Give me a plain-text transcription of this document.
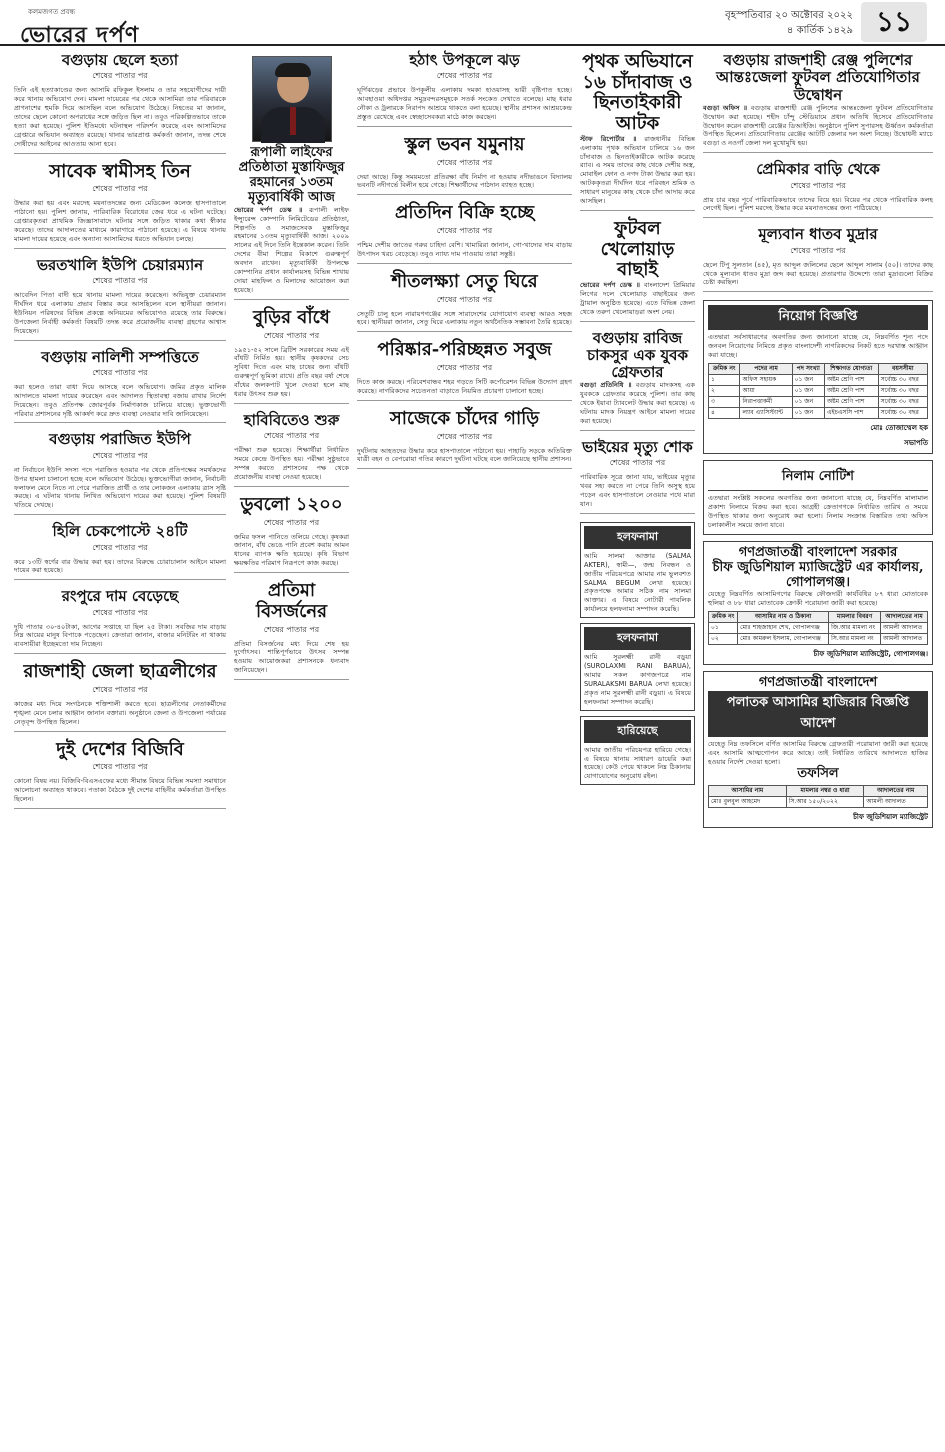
কলমজগত প্রবন্ধ
ভোরের দর্পণ
বৃহস্পতিবার ২০ অক্টোবর ২০২২
৪ কার্তিক ১৪২৯ ১১
বগুড়ায় ছেলে হত্যা
শেষের পাতার পর
তিনি এই হত্যাকাণ্ডের জন্য আসামি রফিকুল ইসলাম ও তার সহযোগীদের দায়ী করে থানায় অভিযোগ দেন। মামলা দায়েরের পর থেকে আসামিরা তার পরিবারকে প্রাণনাশের হুমকি দিয়ে আসছিল বলে অভিযোগ উঠেছে। নিহতের মা জানান, তাদের ছেলে কোনো অপরাধের সঙ্গে জড়িত ছিল না। তবুও পরিকল্পিতভাবে তাকে হত্যা করা হয়েছে। পুলিশ ইতিমধ্যে ঘটনাস্থল পরিদর্শন করেছে এবং আসামিদের গ্রেপ্তারে অভিযান অব্যাহত রয়েছে। থানার ভারপ্রাপ্ত কর্মকর্তা জানান, তদন্ত শেষে দোষীদের আইনের আওতায় আনা হবে।
সাবেক স্বামীসহ তিন
শেষের পাতার পর
উদ্ধার করা হয় এবং মরদেহ ময়নাতদন্তের জন্য মেডিকেল কলেজ হাসপাতালে পাঠানো হয়। পুলিশ জানায়, পারিবারিক বিরোধের জের ধরে এ ঘটনা ঘটেছে। গ্রেপ্তারকৃতরা প্রাথমিক জিজ্ঞাসাবাদে ঘটনার সঙ্গে জড়িত থাকার কথা স্বীকার করেছে। তাদের আদালতের মাধ্যমে কারাগারে পাঠানো হয়েছে। এ বিষয়ে থানায় মামলা দায়ের হয়েছে এবং অন্যান্য আসামিদের ধরতে অভিযান চলছে।
ভরতখালি ইউপি চেয়ারম্যান
শেষের পাতার পর
আবেদিন পিতা বাদী হয়ে থানায় মামলা দায়ের করেছেন। অভিযুক্ত চেয়ারম্যান দীর্ঘদিন ধরে এলাকায় প্রভাব বিস্তার করে আসছিলেন বলে স্থানীয়রা জানান। ইউনিয়ন পরিষদের বিভিন্ন প্রকল্পে অনিয়মের অভিযোগও রয়েছে তার বিরুদ্ধে। উপজেলা নির্বাহী কর্মকর্তা বিষয়টি তদন্ত করে প্রয়োজনীয় ব্যবস্থা গ্রহণের আশ্বাস দিয়েছেন।
বগুড়ায় নালিশী সম্পত্তিতে
শেষের পাতার পর
করা হলেও তারা বাধা দিয়ে আসছে বলে অভিযোগ। জমির প্রকৃত মালিক আদালতে মামলা দায়ের করেছেন এবং আদালত স্থিতাবস্থা বজায় রাখার নির্দেশ দিয়েছেন। তবুও প্রতিপক্ষ জোরপূর্বক নির্মাণকাজ চালিয়ে যাচ্ছে। ভুক্তভোগী পরিবার প্রশাসনের দৃষ্টি আকর্ষণ করে দ্রুত ব্যবস্থা নেওয়ার দাবি জানিয়েছেন।
বগুড়ায় পরাজিত ইউপি
শেষের পাতার পর
না নির্বাচনে ইউপি সদস্য পদে পরাজিত হওয়ার পর থেকে প্রতিপক্ষের সমর্থকদের উপর হামলা চালানো হচ্ছে বলে অভিযোগ উঠেছে। ভুক্তভোগীরা জানান, নির্বাচনী ফলাফল মেনে নিতে না পেরে পরাজিত প্রার্থী ও তার লোকজন এলাকায় ত্রাস সৃষ্টি করছে। এ ঘটনায় থানায় লিখিত অভিযোগ দায়ের করা হয়েছে। পুলিশ বিষয়টি খতিয়ে দেখছে।
হিলি চেকপোস্টে ২৪টি
শেষের পাতার পর
করে ১৩টি স্বর্ণের বার উদ্ধার করা হয়। তাদের বিরুদ্ধে চোরাচালান আইনে মামলা দায়ের করা হয়েছে।
রংপুরে দাম বেড়েছে
শেষের পাতার পর
দুধি পাতার ৩০-৪০টাকা, আগের সপ্তাহে যা ছিল ২৫ টাকা। সবজির দাম বাড়ায় নিম্ন আয়ের মানুষ বিপাকে পড়েছেন। ক্রেতারা জানান, বাজার মনিটরিং না থাকায় ব্যবসায়ীরা ইচ্ছেমতো দাম নিচ্ছেন।
রাজশাহী জেলা ছাত্রলীগের
শেষের পাতার পর
কাজের মধ্য দিয়ে সংগঠনকে শক্তিশালী করতে হবে। ছাত্রলীগের নেতাকর্মীদের শৃঙ্খলা মেনে চলার আহ্বান জানান বক্তারা। অনুষ্ঠানে জেলা ও উপজেলা পর্যায়ের নেতৃবৃন্দ উপস্থিত ছিলেন।
দুই দেশের বিজিবি
শেষের পাতার পর
কোনো বিষয় নয়। বিজিবি-বিএসএফের মধ্যে সীমান্ত বিষয়ে বিভিন্ন সমস্যা সমাধানে আলোচনা অব্যাহত থাকবে। পতাকা বৈঠকে দুই দেশের বাহিনীর কর্মকর্তারা উপস্থিত ছিলেন।
রূপালী লাইফের প্রতিষ্ঠাতা মুস্তাফিজুর রহমানের ১৩তম মৃত্যুবার্ষিকী আজ
ভোরের দর্পণ ডেস্ক ॥ রূপালী লাইফ ইন্স্যুরেন্স কোম্পানি লিমিটেডের প্রতিষ্ঠাতা, শিল্পপতি ও সমাজসেবক মুস্তাফিজুর রহমানের ১৩তম মৃত্যুবার্ষিকী আজ। ২০০৯ সালের এই দিনে তিনি ইন্তেকাল করেন। তিনি দেশের বীমা শিল্পের বিকাশে গুরুত্বপূর্ণ অবদান রাখেন। মৃত্যুবার্ষিকী উপলক্ষে কোম্পানির প্রধান কার্যালয়সহ বিভিন্ন শাখায় দোয়া মাহফিল ও মিলাদের আয়োজন করা হয়েছে।
বুড়ির বাঁধে
শেষের পাতার পর
১৯৫১-৫২ সালে ব্রিটিশ সরকারের সময় এই বাঁধটি নির্মিত হয়। স্থানীয় কৃষকদের সেচ সুবিধা দিতে এবং মাছ চাষের জন্য বাঁধটি গুরুত্বপূর্ণ ভূমিকা রাখে। প্রতি বছর বর্ষা শেষে বাঁধের জলকপাট খুলে দেওয়া হলে মাছ ধরার উৎসব শুরু হয়।
হাবিবিতেও শুরু
শেষের পাতার পর
পরীক্ষা শুরু হয়েছে। শিক্ষার্থীরা নির্ধারিত সময়ে কেন্দ্রে উপস্থিত হয়। পরীক্ষা সুষ্ঠুভাবে সম্পন্ন করতে প্রশাসনের পক্ষ থেকে প্রয়োজনীয় ব্যবস্থা নেওয়া হয়েছে।
ডুবলো ১২০০
শেষের পাতার পর
জমির ফসল পানিতে তলিয়ে গেছে। কৃষকরা জানান, বাঁধ ভেঙে পানি প্রবেশ করায় আমন ধানের ব্যাপক ক্ষতি হয়েছে। কৃষি বিভাগ ক্ষয়ক্ষতির পরিমাণ নিরূপণে কাজ করছে।
প্রতিমা বিসর্জনের
শেষের পাতার পর
প্রতিমা বিসর্জনের মধ্য দিয়ে শেষ হয় দুর্গোৎসব। শান্তিপূর্ণভাবে উৎসব সম্পন্ন হওয়ায় আয়োজকরা প্রশাসনকে ধন্যবাদ জানিয়েছেন।
হঠাৎ উপকূলে ঝড়
শেষের পাতার পর
ঘূর্ণিঝড়ের প্রভাবে উপকূলীয় এলাকায় দমকা হাওয়াসহ ভারী বৃষ্টিপাত হচ্ছে। আবহাওয়া অধিদপ্তর সমুদ্রবন্দরসমূহকে সতর্ক সংকেত দেখাতে বলেছে। মাছ ধরার নৌকা ও ট্রলারকে নিরাপদ আশ্রয়ে থাকতে বলা হয়েছে। স্থানীয় প্রশাসন আশ্রয়কেন্দ্র প্রস্তুত রেখেছে এবং স্বেচ্ছাসেবকরা মাঠে কাজ করছেন।
স্কুল ভবন যমুনায়
শেষের পাতার পর
দেয়া আছে। কিন্তু সময়মতো প্রতিরক্ষা বাঁধ নির্মাণ না হওয়ায় নদীভাঙনে বিদ্যালয় ভবনটি নদীগর্ভে বিলীন হয়ে গেছে। শিক্ষার্থীদের পাঠদান ব্যাহত হচ্ছে।
প্রতিদিন বিক্রি হচ্ছে
শেষের পাতার পর
পশ্চিম দেশীয় জাতের গরুর চাহিদা বেশি। খামারিরা জানান, গো-খাদ্যের দাম বাড়ায় উৎপাদন খরচ বেড়েছে। তবুও ন্যায্য দাম পাওয়ায় তারা সন্তুষ্ট।
শীতলক্ষ্যা সেতু ঘিরে
শেষের পাতার পর
সেতুটি চালু হলে নারায়ণগঞ্জের সঙ্গে সারাদেশের যোগাযোগ ব্যবস্থা আরও সহজ হবে। স্থানীয়রা জানান, সেতু ঘিরে এলাকায় নতুন অর্থনৈতিক সম্ভাবনা তৈরি হয়েছে।
পরিষ্কার-পরিচ্ছন্নত সবুজ
শেষের পাতার পর
দিতে কাজ করছে। পরিবেশবান্ধব শহর গড়তে সিটি কর্পোরেশন বিভিন্ন উদ্যোগ গ্রহণ করেছে। নাগরিকদের সচেতনতা বাড়াতে নিয়মিত প্রচারণা চালানো হচ্ছে।
সাজেকে চাঁদের গাড়ি
শেষের পাতার পর
দুর্ঘটনায় আহতদের উদ্ধার করে হাসপাতালে পাঠানো হয়। পাহাড়ি সড়কে অতিরিক্ত যাত্রী বহন ও বেপরোয়া গতির কারণে দুর্ঘটনা ঘটছে বলে জানিয়েছে স্থানীয় প্রশাসন।
পৃথক অভিযানে ১৬ চাঁদাবাজ ও ছিনতাইকারী আটক
স্টাফ রিপোর্টার ॥ রাজধানীর বিভিন্ন এলাকায় পৃথক অভিযান চালিয়ে ১৬ জন চাঁদাবাজ ও ছিনতাইকারীকে আটক করেছে র‍্যাব। এ সময় তাদের কাছ থেকে দেশীয় অস্ত্র, মোবাইল ফোন ও নগদ টাকা উদ্ধার করা হয়। আটককৃতরা দীর্ঘদিন ধরে পরিবহন শ্রমিক ও সাধারণ মানুষের কাছ থেকে চাঁদা আদায় করে আসছিল।
ফুটবল খেলোয়াড় বাছাই
ভোরের দর্পণ ডেস্ক ॥ বাংলাদেশ প্রিমিয়ার লিগের দলে খেলোয়াড় বাছাইয়ের জন্য ট্রায়াল অনুষ্ঠিত হয়েছে। এতে বিভিন্ন জেলা থেকে তরুণ খেলোয়াড়রা অংশ নেয়।
বগুড়ায় রাবিজ চাকসুর এক যুবক গ্রেফতার
বগুড়া প্রতিনিধি ॥ বগুড়ায় মাদকসহ এক যুবককে গ্রেফতার করেছে পুলিশ। তার কাছ থেকে ইয়াবা ট্যাবলেট উদ্ধার করা হয়েছে। এ ঘটনায় মাদক নিয়ন্ত্রণ আইনে মামলা দায়ের করা হয়েছে।
ভাইয়ের মৃত্যু শোক
শেষের পাতার পর
পারিবারিক সূত্রে জানা যায়, ভাইয়ের মৃত্যুর খবর সহ্য করতে না পেরে তিনি অসুস্থ হয়ে পড়েন এবং হাসপাতালে নেওয়ার পথে মারা যান।
হলফনামা
আমি সালমা আক্তার (SALMA AKTER), স্বামী—, জন্ম নিবন্ধন ও জাতীয় পরিচয়পত্রে আমার নাম ভুলবশত SALMA BEGUM লেখা হয়েছে। প্রকৃতপক্ষে আমার সঠিক নাম সালমা আক্তার। এ বিষয়ে নোটারী পাবলিক কার্যালয়ে হলফনামা সম্পাদন করেছি।
হলফনামা
আমি সুরলক্ষ্মী রানী বড়ুয়া (SUROLAXMI RANI BARUA), আমার সকল কাগজপত্রে নাম SURALAKSMI BARUA লেখা হয়েছে। প্রকৃত নাম সুরলক্ষ্মী রানী বড়ুয়া। এ বিষয়ে হলফনামা সম্পাদন করেছি।
হারিয়েছে
আমার জাতীয় পরিচয়পত্র হারিয়ে গেছে। এ বিষয়ে থানায় সাধারণ ডায়েরি করা হয়েছে। কেউ পেয়ে থাকলে নিম্ন ঠিকানায় যোগাযোগের অনুরোধ রইল।
বগুড়ায় রাজশাহী রেঞ্জ পুলিশের আন্তঃজেলা ফুটবল প্রতিযোগিতার উদ্বোধন
বগুড়া অফিস ॥ বগুড়ায় রাজশাহী রেঞ্জ পুলিশের আন্তঃজেলা ফুটবল প্রতিযোগিতার উদ্বোধন করা হয়েছে। শহীদ চাঁন্দু স্টেডিয়ামে প্রধান অতিথি হিসেবে প্রতিযোগিতার উদ্বোধন করেন রাজশাহী রেঞ্জের ডিআইজি। অনুষ্ঠানে পুলিশ সুপারসহ ঊর্ধ্বতন কর্মকর্তারা উপস্থিত ছিলেন। প্রতিযোগিতায় রেঞ্জের আটটি জেলার দল অংশ নিচ্ছে। উদ্বোধনী ম্যাচে বগুড়া ও নওগাঁ জেলা দল মুখোমুখি হয়।
প্রেমিকার বাড়ি থেকে
শেষের পাতার পর
প্রায় চার বছর পূর্বে পারিবারিকভাবে তাদের বিয়ে হয়। বিয়ের পর থেকে পারিবারিক কলহ লেগেই ছিল। পুলিশ মরদেহ উদ্ধার করে ময়নাতদন্তের জন্য পাঠিয়েছে।
মূল্যবান ধাতব মুদ্রার
শেষের পাতার পর
ছেলে টিপু সুলতান (৪৫), মৃত আব্দুল জলিলের ছেলে আব্দুল সালাম (৫০)। তাদের কাছ থেকে মূল্যবান ধাতব মুদ্রা জব্দ করা হয়েছে। প্রতারণার উদ্দেশ্যে তারা মুদ্রাগুলো বিক্রির চেষ্টা করছিল।
নিয়োগ বিজ্ঞপ্তি
এতদ্বারা সর্বসাধারণের অবগতির জন্য জানানো যাচ্ছে যে, নিম্নবর্ণিত শূন্য পদে জনবল নিয়োগের নিমিত্তে প্রকৃত বাংলাদেশী নাগরিকদের নিকট হতে দরখাস্ত আহ্বান করা যাচ্ছে।
ক্রমিক নং	পদের নাম	পদ সংখ্যা	শিক্ষাগত যোগ্যতা	বয়সসীমা
১	অফিস সহায়ক	০১ জন	অষ্টম শ্রেণি পাশ	সর্বোচ্চ ৩০ বছর
২	আয়া	০১ জন	অষ্টম শ্রেণি পাশ	সর্বোচ্চ ৩০ বছর
৩	নিরাপত্তাকর্মী	০১ জন	অষ্টম শ্রেণি পাশ	সর্বোচ্চ ৩০ বছর
৪	ল্যাব এ্যাসিস্ট্যান্ট	০১ জন	এইচএসসি পাশ	সর্বোচ্চ ৩০ বছর
মোঃ তোজাম্মেল হক
সভাপতি
নিলাম নোটিশ
এতদ্বারা সংশ্লিষ্ট সকলের অবগতির জন্য জানানো যাচ্ছে যে, নিম্নবর্ণিত মালামাল প্রকাশ্য নিলামে বিক্রয় করা হবে। আগ্রহী ক্রেতাগণকে নির্ধারিত তারিখ ও সময়ে উপস্থিত থাকার জন্য অনুরোধ করা হলো। নিলাম সংক্রান্ত বিস্তারিত তথ্য অফিস চলাকালীন সময়ে জানা যাবে।
গণপ্রজাতন্ত্রী বাংলাদেশ সরকার
চীফ জুডিশিয়াল ম্যাজিস্ট্রেট এর কার্যালয়, গোপালগঞ্জ।
যেহেতু নিম্নবর্ণিত আসামিগণের বিরুদ্ধে ফৌজদারী কার্যবিধির ৮৭ ধারা মোতাবেক হুলিয়া ও ৮৮ ধারা মোতাবেক ক্রোকী পরোয়ানা জারী করা হয়েছে।
ক্রমিক নং	আসামির নাম ও ঠিকানা	মামলার বিবরণ	আদালতের নাম
০১	মোঃ শাহজাহান শেখ, গোপালগঞ্জ	জি.আর মামলা নং	আমলী আদালত
০২	মোঃ কামরুল ইসলাম, গোপালগঞ্জ	সি.আর মামলা নং	আমলী আদালত
চীফ জুডিশিয়াল ম্যাজিস্ট্রেট, গোপালগঞ্জ।
গণপ্রজাতন্ত্রী বাংলাদেশ
পলাতক আসামির হাজিরার বিজ্ঞপ্তি আদেশ
যেহেতু নিম্ন তফসিলে বর্ণিত আসামির বিরুদ্ধে গ্রেফতারী পরোয়ানা জারী করা হয়েছে এবং আসামি আত্মগোপন করে আছে। তাই নির্ধারিত তারিখে আদালতে হাজির হওয়ার নির্দেশ দেওয়া হলো।
তফসিল
আসামির নাম	মামলার নম্বর ও ধারা	আদালতের নাম
মোঃ বুলবুল আহমেদ	সি.আর ১৫০/২০২২	আমলী আদালত
চীফ জুডিশিয়াল ম্যাজিস্ট্রেট
